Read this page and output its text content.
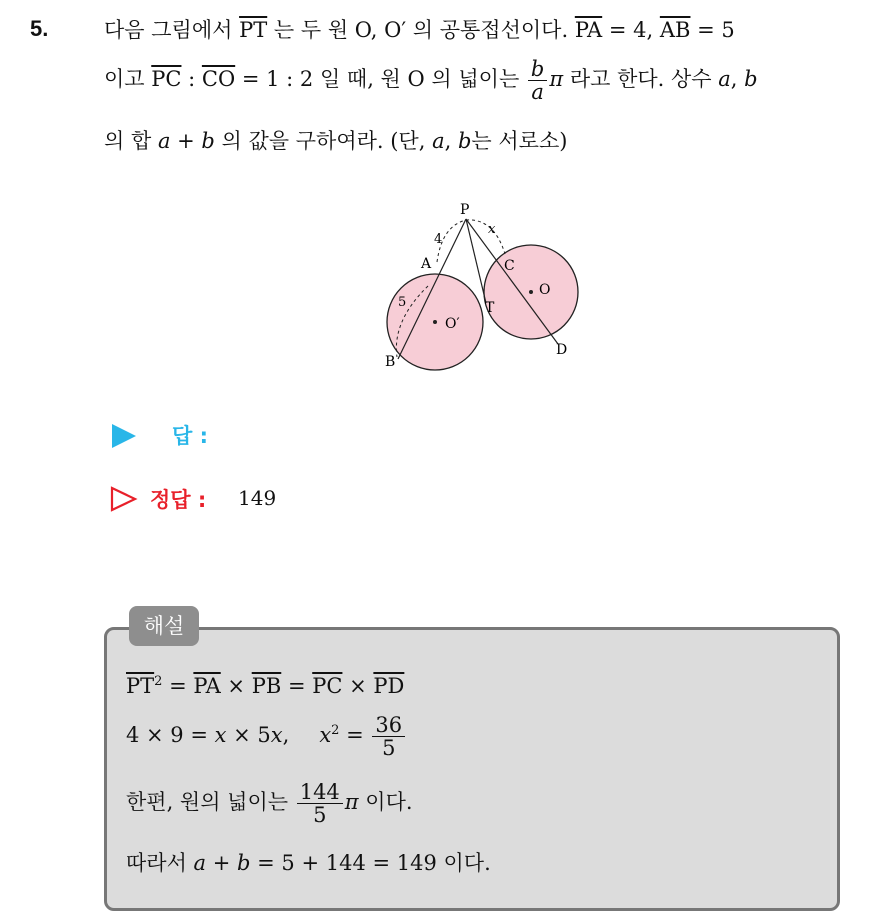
5.	다음 그림에서 $\overline{PT}$ 는 두 원 O, O′ 의 공통접선이다. $\overline{PA} = 4$, $\overline{AB} = 5$
이고 $\overline{PC}$ : $\overline{CO} = 1$ : 2 일 때, 원 O 의 넓이는 $\frac{b}{a}$ π 라고 한다. 상수 a, b
의 합 a + b 의 값을 구하여라. (단, a, b는 서로소)
P
A
B
C
D
T
O
O′
4
5
x
답 :
정답 : 149
해설
$\overline{PT}^2 = \overline{PA} \times \overline{PB} = \overline{PC} \times \overline{PD}$
4 × 9 = x × 5x, $x^2 = \frac{36}{5}$
한편, 원의 넓이는 $\frac{144}{5}$ π 이다.
따라서 a + b = 5 + 144 = 149 이다.
